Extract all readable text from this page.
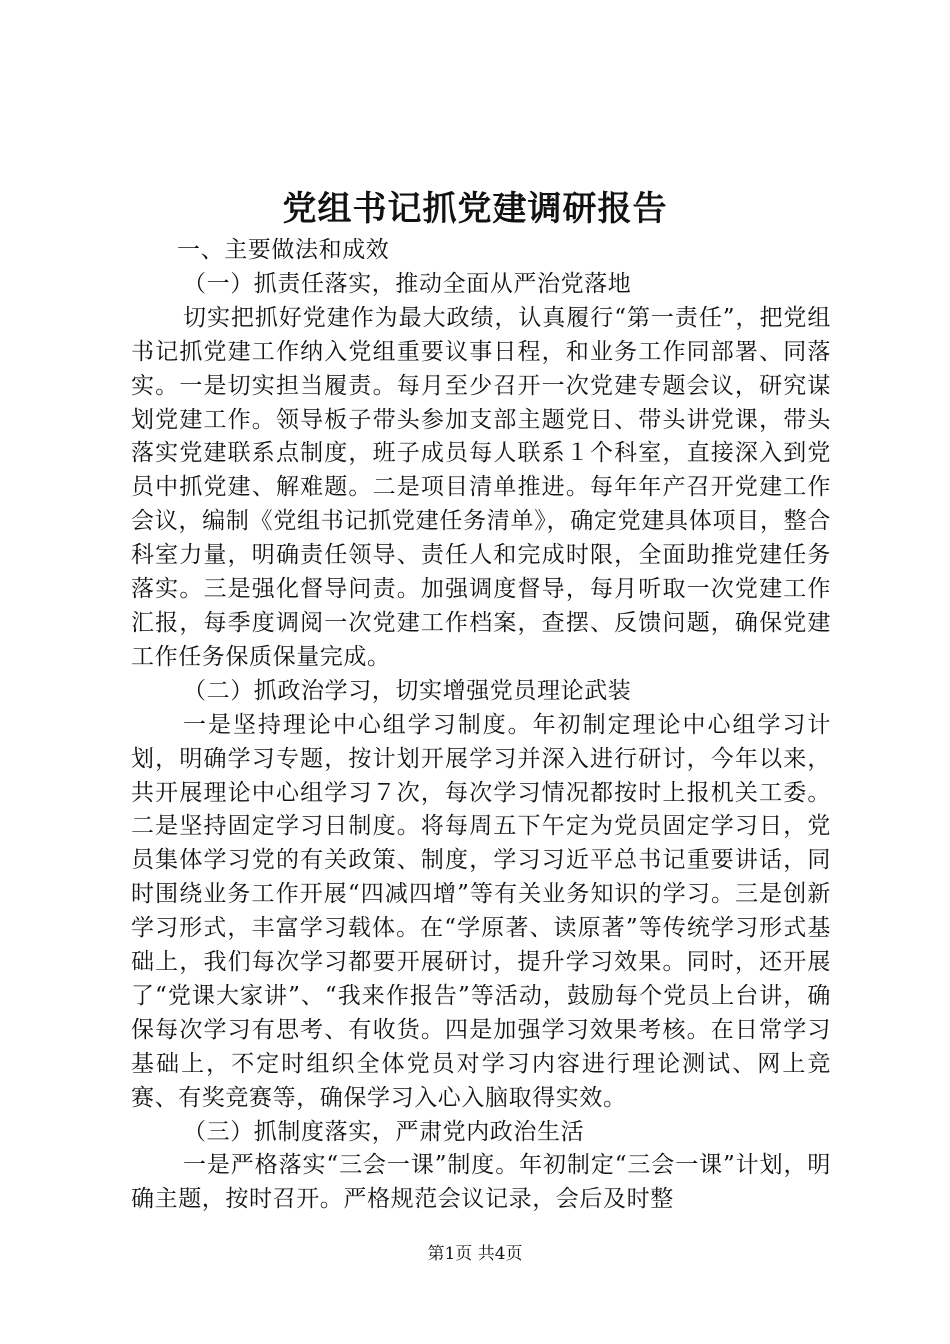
党组书记抓党建调研报告

一、主要做法和成效

（一）抓责任落实，推动全面从严治党落地

切实把抓好党建作为最大政绩，认真履行“第一责任”，把党组书记抓党建工作纳入党组重要议事日程，和业务工作同部署、同落实。一是切实担当履责。每月至少召开一次党建专题会议，研究谋划党建工作。领导板子带头参加支部主题党日、带头讲党课，带头落实党建联系点制度，班子成员每人联系１个科室，直接深入到党员中抓党建、解难题。二是项目清单推进。每年年产召开党建工作会议，编制《党组书记抓党建任务清单》，确定党建具体项目，整合科室力量，明确责任领导、责任人和完成时限，全面助推党建任务落实。三是强化督导问责。加强调度督导，每月听取一次党建工作汇报，每季度调阅一次党建工作档案，查摆、反馈问题，确保党建工作任务保质保量完成。

（二）抓政治学习，切实增强党员理论武装

一是坚持理论中心组学习制度。年初制定理论中心组学习计划，明确学习专题，按计划开展学习并深入进行研讨，今年以来，共开展理论中心组学习７次，每次学习情况都按时上报机关工委。二是坚持固定学习日制度。将每周五下午定为党员固定学习日，党员集体学习党的有关政策、制度，学习习近平总书记重要讲话，同时围绕业务工作开展“四减四增”等有关业务知识的学习。三是创新学习形式，丰富学习载体。在“学原著、读原著”等传统学习形式基础上，我们每次学习都要开展研讨，提升学习效果。同时，还开展了“党课大家讲”、“我来作报告”等活动，鼓励每个党员上台讲，确保每次学习有思考、有收货。四是加强学习效果考核。在日常学习基础上，不定时组织全体党员对学习内容进行理论测试、网上竞赛、有奖竞赛等，确保学习入心入脑取得实效。

（三）抓制度落实，严肃党内政治生活

一是严格落实“三会一课”制度。年初制定“三会一课”计划，明确主题，按时召开。严格规范会议记录，会后及时整

第1页 共4页
